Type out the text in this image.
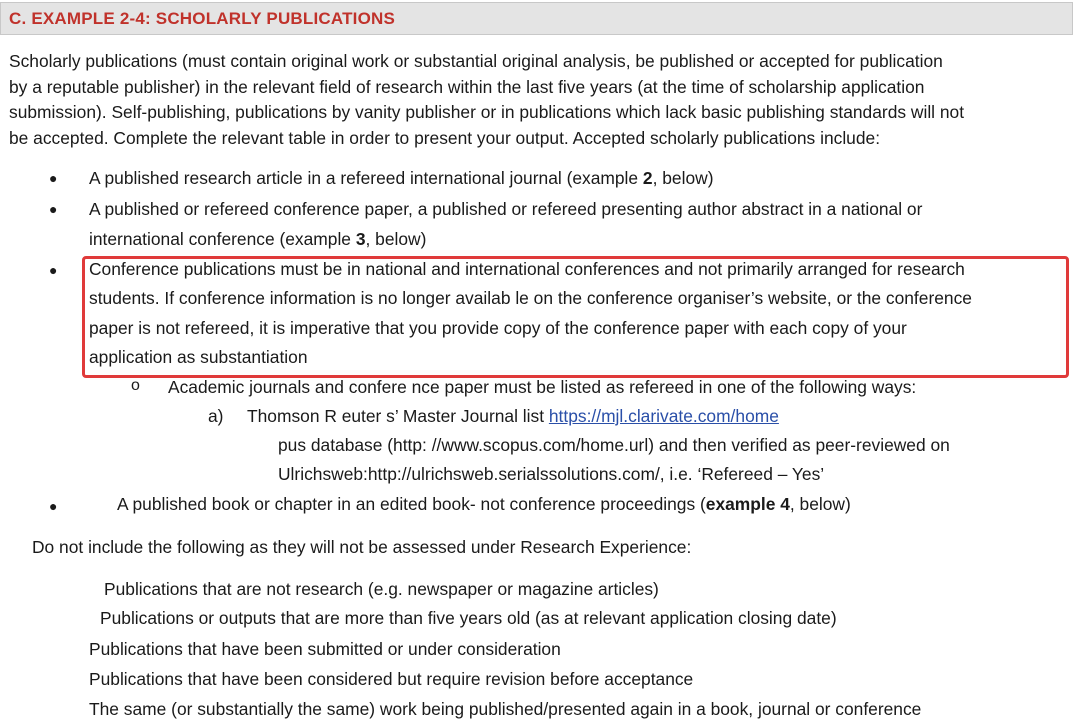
C. EXAMPLE 2-4: SCHOLARLY PUBLICATIONS
Scholarly publications (must contain original work or substantial original analysis, be published or accepted for publication
by a reputable publisher) in the relevant field of research within the last five years (at the time of scholarship application
submission). Self-publishing, publications by vanity publisher or in publications which lack basic publishing standards will not
be accepted. Complete the relevant table in order to present your output. Accepted scholarly publications include:
● A published research article in a refereed international journal (example 2, below)
● A published or refereed conference paper, a published or refereed presenting author abstract in a national or
international conference (example 3, below)
● Conference publications must be in national and international conferences and not primarily arranged for research
students. If conference information is no longer availab le on the conference organiser’s website, or the conference
paper is not refereed, it is imperative that you provide copy of the conference paper with each copy of your
application as substantiation
o Academic journals and confere nce paper must be listed as refereed in one of the following ways:
a) Thomson R euter s’ Master Journal list https://mjl.clarivate.com/home
pus database (http: //www.scopus.com/home.url) and then verified as peer-reviewed on
Ulrichsweb:http://ulrichsweb.serialssolutions.com/, i.e. ‘Refereed – Yes’
●	A published book or chapter in an edited book- not conference proceedings (example 4, below)
Do not include the following as they will not be assessed under Research Experience:
Publications that are not research (e.g. newspaper or magazine articles)
Publications or outputs that are more than five years old (as at relevant application closing date)
Publications that have been submitted or under consideration
Publications that have been considered but require revision before acceptance
The same (or substantially the same) work being published/presented again in a book, journal or conference
